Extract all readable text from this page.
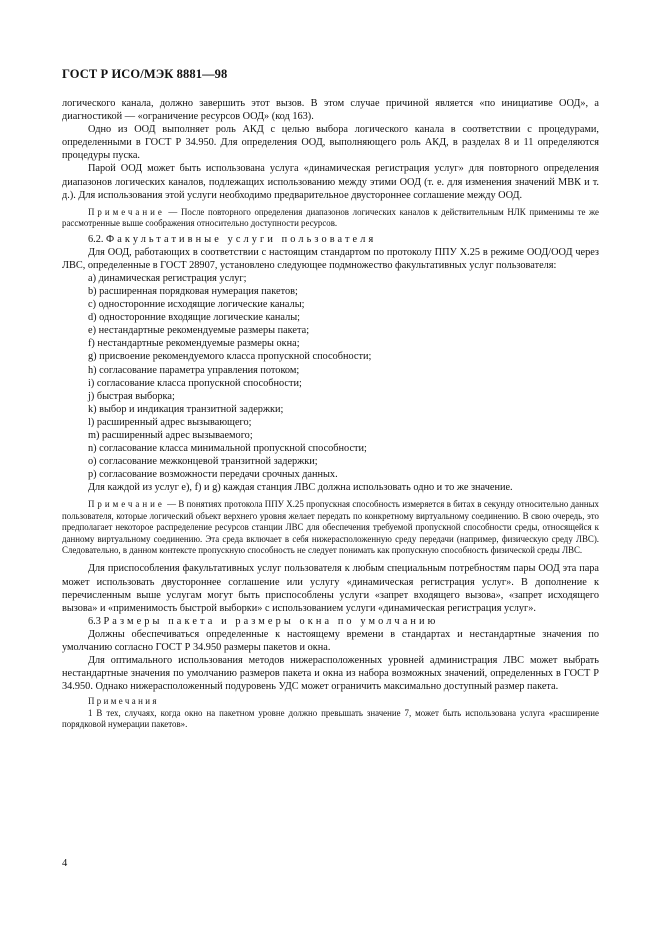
ГОСТ Р ИСО/МЭК 8881—98

логического канала, должно завершить этот вызов. В этом случае причиной является «по инициативе ООД», а диагностикой — «ограничение ресурсов ООД» (код 163).

Одно из ООД выполняет роль АКД с целью выбора логического канала в соответствии с процедурами, определенными в ГОСТ Р 34.950. Для определения ООД, выполняющего роль АКД, в разделах 8 и 11 определяются процедуры пуска.

Парой ООД может быть использована услуга «динамическая регистрация услуг» для повторного определения диапазонов логических каналов, подлежащих использованию между этими ООД (т. е. для изменения значений МВК и т. д.). Для использования этой услуги необходимо предварительное двустороннее соглашение между ООД.

Примечание — После повторного определения диапазонов логических каналов к действительным НЛК применимы те же рассмотренные выше соображения относительно доступности ресурсов.

6.2. Факультативные услуги пользователя

Для ООД, работающих в соответствии с настоящим стандартом по протоколу ППУ Х.25 в режиме ООД/ООД через ЛВС, определенные в ГОСТ 28907, установлено следующее подмножество факультативных услуг пользователя:

a) динамическая регистрация услуг;
b) расширенная порядковая нумерация пакетов;
c) односторонние исходящие логические каналы;
d) односторонние входящие логические каналы;
e) нестандартные рекомендуемые размеры пакета;
f) нестандартные рекомендуемые размеры окна;
g) присвоение рекомендуемого класса пропускной способности;
h) согласование параметра управления потоком;
i) согласование класса пропускной способности;
j) быстрая выборка;
k) выбор и индикация транзитной задержки;
l) расширенный адрес вызывающего;
m) расширенный адрес вызываемого;
n) согласование класса минимальной пропускной способности;
o) согласование межконцевой транзитной задержки;
p) согласование возможности передачи срочных данных.

Для каждой из услуг e), f) и g) каждая станция ЛВС должна использовать одно и то же значение.

Примечание — В понятиях протокола ППУ Х.25 пропускная способность измеряется в битах в секунду относительно данных пользователя, которые логический объект верхнего уровня желает передать по конкретному виртуальному соединению. В свою очередь, это предполагает некоторое распределение ресурсов станции ЛВС для обеспечения требуемой пропускной способности среды, относящейся к данному виртуальному соединению. Эта среда включает в себя нижерасположенную среду передачи (например, физическую среду ЛВС). Следовательно, в данном контексте пропускную способность не следует понимать как пропускную способность физической среды ЛВС.

Для приспособления факультативных услуг пользователя к любым специальным потребностям пары ООД эта пара может использовать двустороннее соглашение или услугу «динамическая регистрация услуг». В дополнение к перечисленным выше услугам могут быть приспособлены услуги «запрет входящего вызова», «запрет исходящего вызова» и «применимость быстрой выборки» с использованием услуги «динамическая регистрация услуг».

6.3 Размеры пакета и размеры окна по умолчанию

Должны обеспечиваться определенные к настоящему времени в стандартах и нестандартные значения по умолчанию согласно ГОСТ Р 34.950 размеры пакетов и окна.

Для оптимального использования методов нижерасположенных уровней администрация ЛВС может выбрать нестандартные значения по умолчанию размеров пакета и окна из набора возможных значений, определенных в ГОСТ Р 34.950. Однако нижерасположенный подуровень УДС может ограничить максимально доступный размер пакета.

Примечания

1 В тех, случаях, когда окно на пакетном уровне должно превышать значение 7, может быть использована услуга «расширение порядковой нумерации пакетов».

4
